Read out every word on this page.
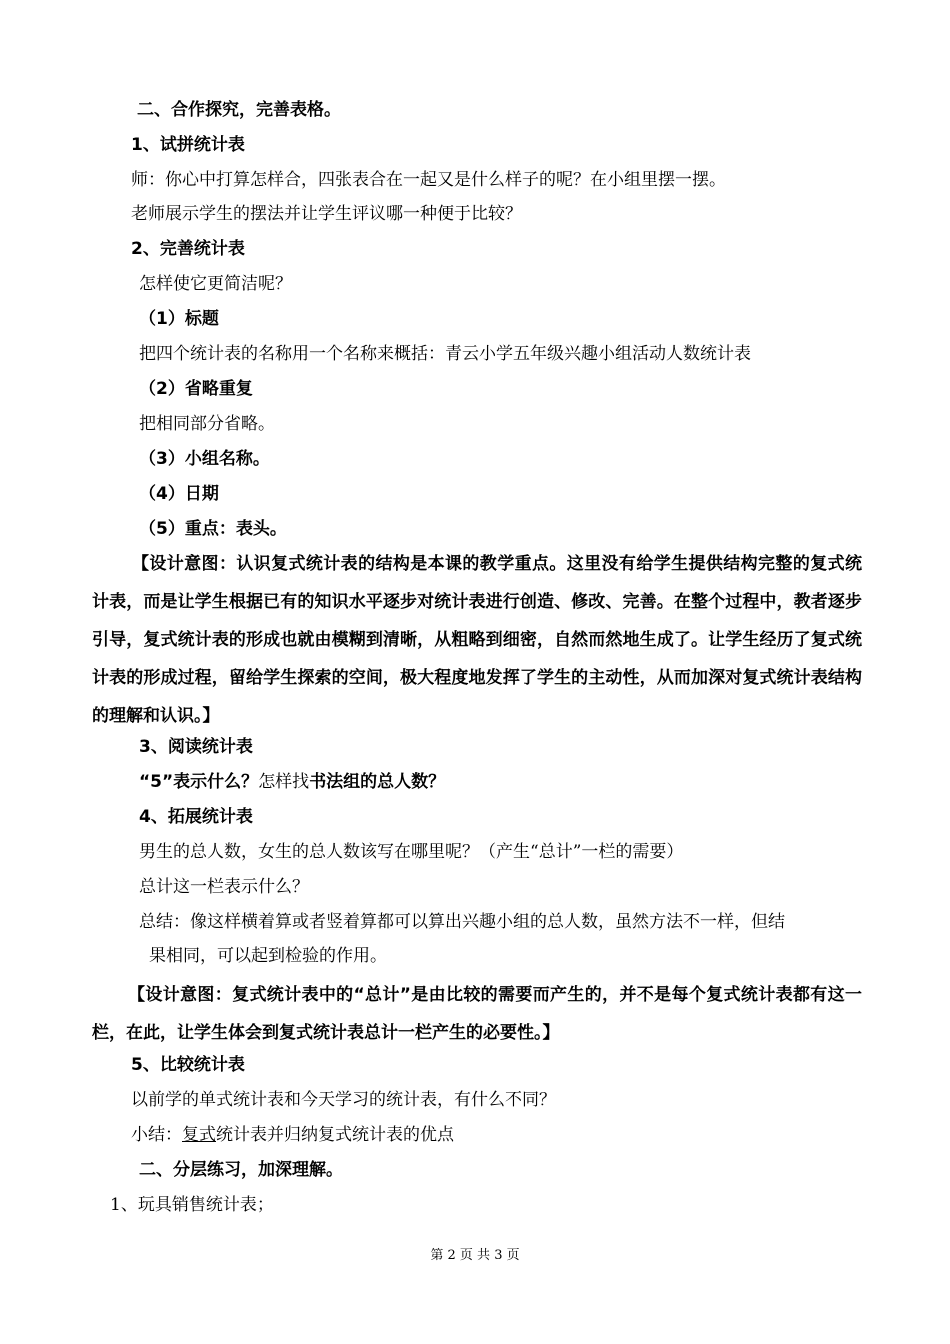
二、合作探究，完善表格。
1、试拼统计表
师：你心中打算怎样合，四张表合在一起又是什么样子的呢？在小组里摆一摆。
老师展示学生的摆法并让学生评议哪一种便于比较？
2、完善统计表
怎样使它更简洁呢？
（1）标题
把四个统计表的名称用一个名称来概括：青云小学五年级兴趣小组活动人数统计表
（2）省略重复
把相同部分省略。
（3）小组名称。
（4）日期
（5）重点：表头。
【设计意图：认识复式统计表的结构是本课的教学重点。这里没有给学生提供结构完整的复式统计表，而是让学生根据已有的知识水平逐步对统计表进行创造、修改、完善。在整个过程中，教者逐步引导，复式统计表的形成也就由模糊到清晰，从粗略到细密，自然而然地生成了。让学生经历了复式统计表的形成过程，留给学生探索的空间，极大程度地发挥了学生的主动性，从而加深对复式统计表结构的理解和认识。】
3、阅读统计表
“5”表示什么？怎样找书法组的总人数？
4、拓展统计表
男生的总人数，女生的总人数该写在哪里呢？（产生“总计”一栏的需要）
总计这一栏表示什么？
总结：像这样横着算或者竖着算都可以算出兴趣小组的总人数，虽然方法不一样，但结
果相同，可以起到检验的作用。
【设计意图：复式统计表中的“总计”是由比较的需要而产生的，并不是每个复式统计表都有这一栏，在此，让学生体会到复式统计表总计一栏产生的必要性。】
5、比较统计表
以前学的单式统计表和今天学习的统计表，有什么不同？
小结：复式统计表并归纳复式统计表的优点
二、分层练习，加深理解。
1、玩具销售统计表；
第 2 页 共 3 页
